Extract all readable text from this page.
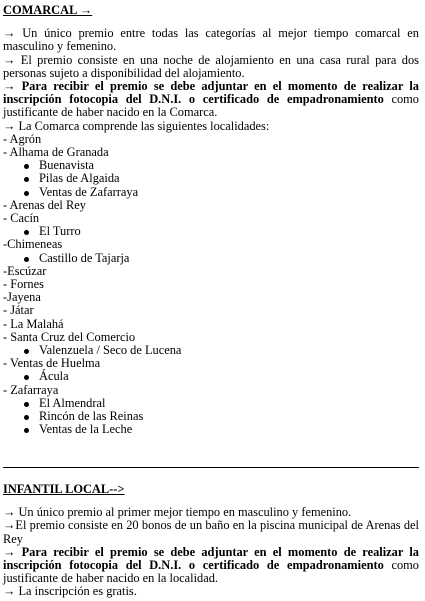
COMARCAL →
→ Un único premio entre todas las categorías al mejor tiempo comarcal en masculino y femenino.
→ El premio consiste en una noche de alojamiento en una casa rural para dos personas sujeto a disponibilidad del alojamiento.
→ Para recibir el premio se debe adjuntar en el momento de realizar la inscripción fotocopia del D.N.I. o certificado de empadronamiento como justificante de haber nacido en la Comarca.
→ La Comarca comprende las siguientes localidades:
- Agrón
- Alhama de Granada
Buenavista
Pilas de Algaida
Ventas de Zafarraya
- Arenas del Rey
- Cacín
El Turro
-Chimeneas
Castillo de Tajarja
-Escúzar
- Fornes
-Jayena
- Játar
- La Malahá
- Santa Cruz del Comercio
Valenzuela / Seco de Lucena
- Ventas de Huelma
Ácula
- Zafarraya
El Almendral
Rincón de las Reinas
Ventas de la Leche
INFANTIL LOCAL-->
→ Un único premio al primer mejor tiempo en masculino y femenino.
→El premio consiste en 20 bonos de un baño en la piscina municipal de Arenas del Rey
→ Para recibir el premio se debe adjuntar en el momento de realizar la inscripción fotocopia del D.N.I. o certificado de empadronamiento como justificante de haber nacido en la localidad.
→ La inscripción es gratis.
